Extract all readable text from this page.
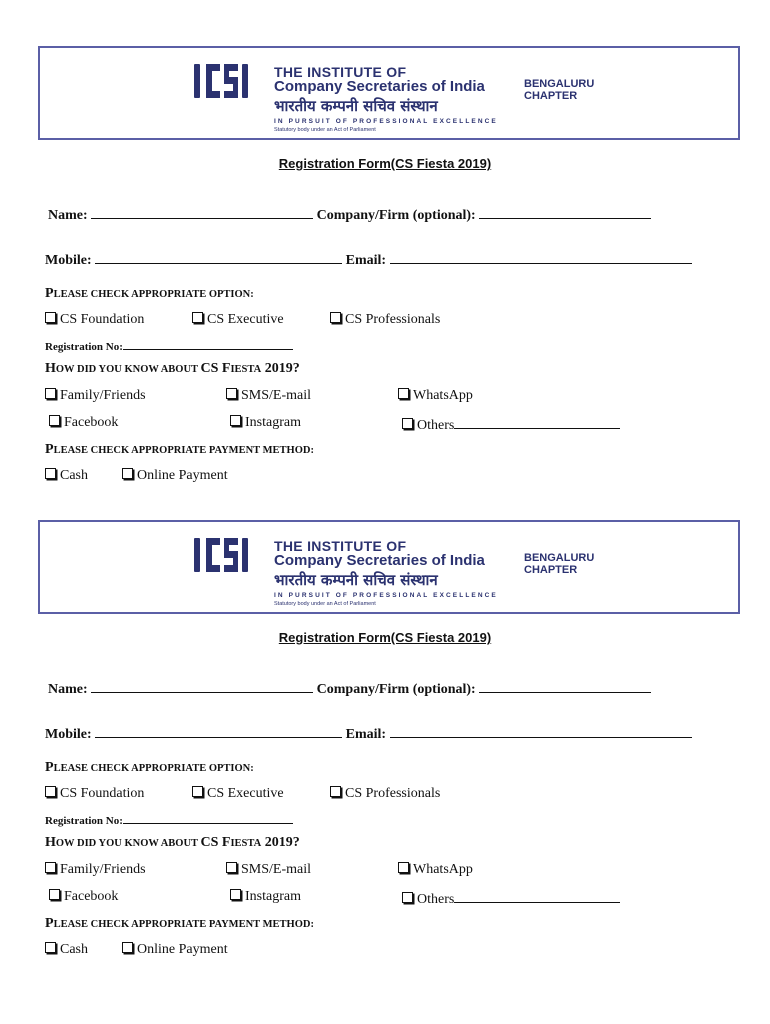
THE INSTITUTE OF
Company Secretaries of India
भारतीय कम्पनी सचिव संस्थान
IN PURSUIT OF PROFESSIONAL EXCELLENCE
Statutory body under an Act of Parliament
BENGALURU
CHAPTER
Registration Form(CS Fiesta 2019)
Name:	Company/Firm (optional):
Mobile:	Email:
PLEASE CHECK APPROPRIATE OPTION:
CS Foundation	CS Executive	CS Professionals
Registration No:
HOW DID YOU KNOW ABOUT CS FIESTA 2019?
Family/Friends	SMS/E-mail	WhatsApp
Facebook	Instagram	Others
PLEASE CHECK APPROPRIATE PAYMENT METHOD:
Cash	Online Payment
THE INSTITUTE OF
Company Secretaries of India
भारतीय कम्पनी सचिव संस्थान
IN PURSUIT OF PROFESSIONAL EXCELLENCE
Statutory body under an Act of Parliament
BENGALURU
CHAPTER
Registration Form(CS Fiesta 2019)
Name:	Company/Firm (optional):
Mobile:	Email:
PLEASE CHECK APPROPRIATE OPTION:
CS Foundation	CS Executive	CS Professionals
Registration No:
HOW DID YOU KNOW ABOUT CS FIESTA 2019?
Family/Friends	SMS/E-mail	WhatsApp
Facebook	Instagram	Others
PLEASE CHECK APPROPRIATE PAYMENT METHOD:
Cash	Online Payment
